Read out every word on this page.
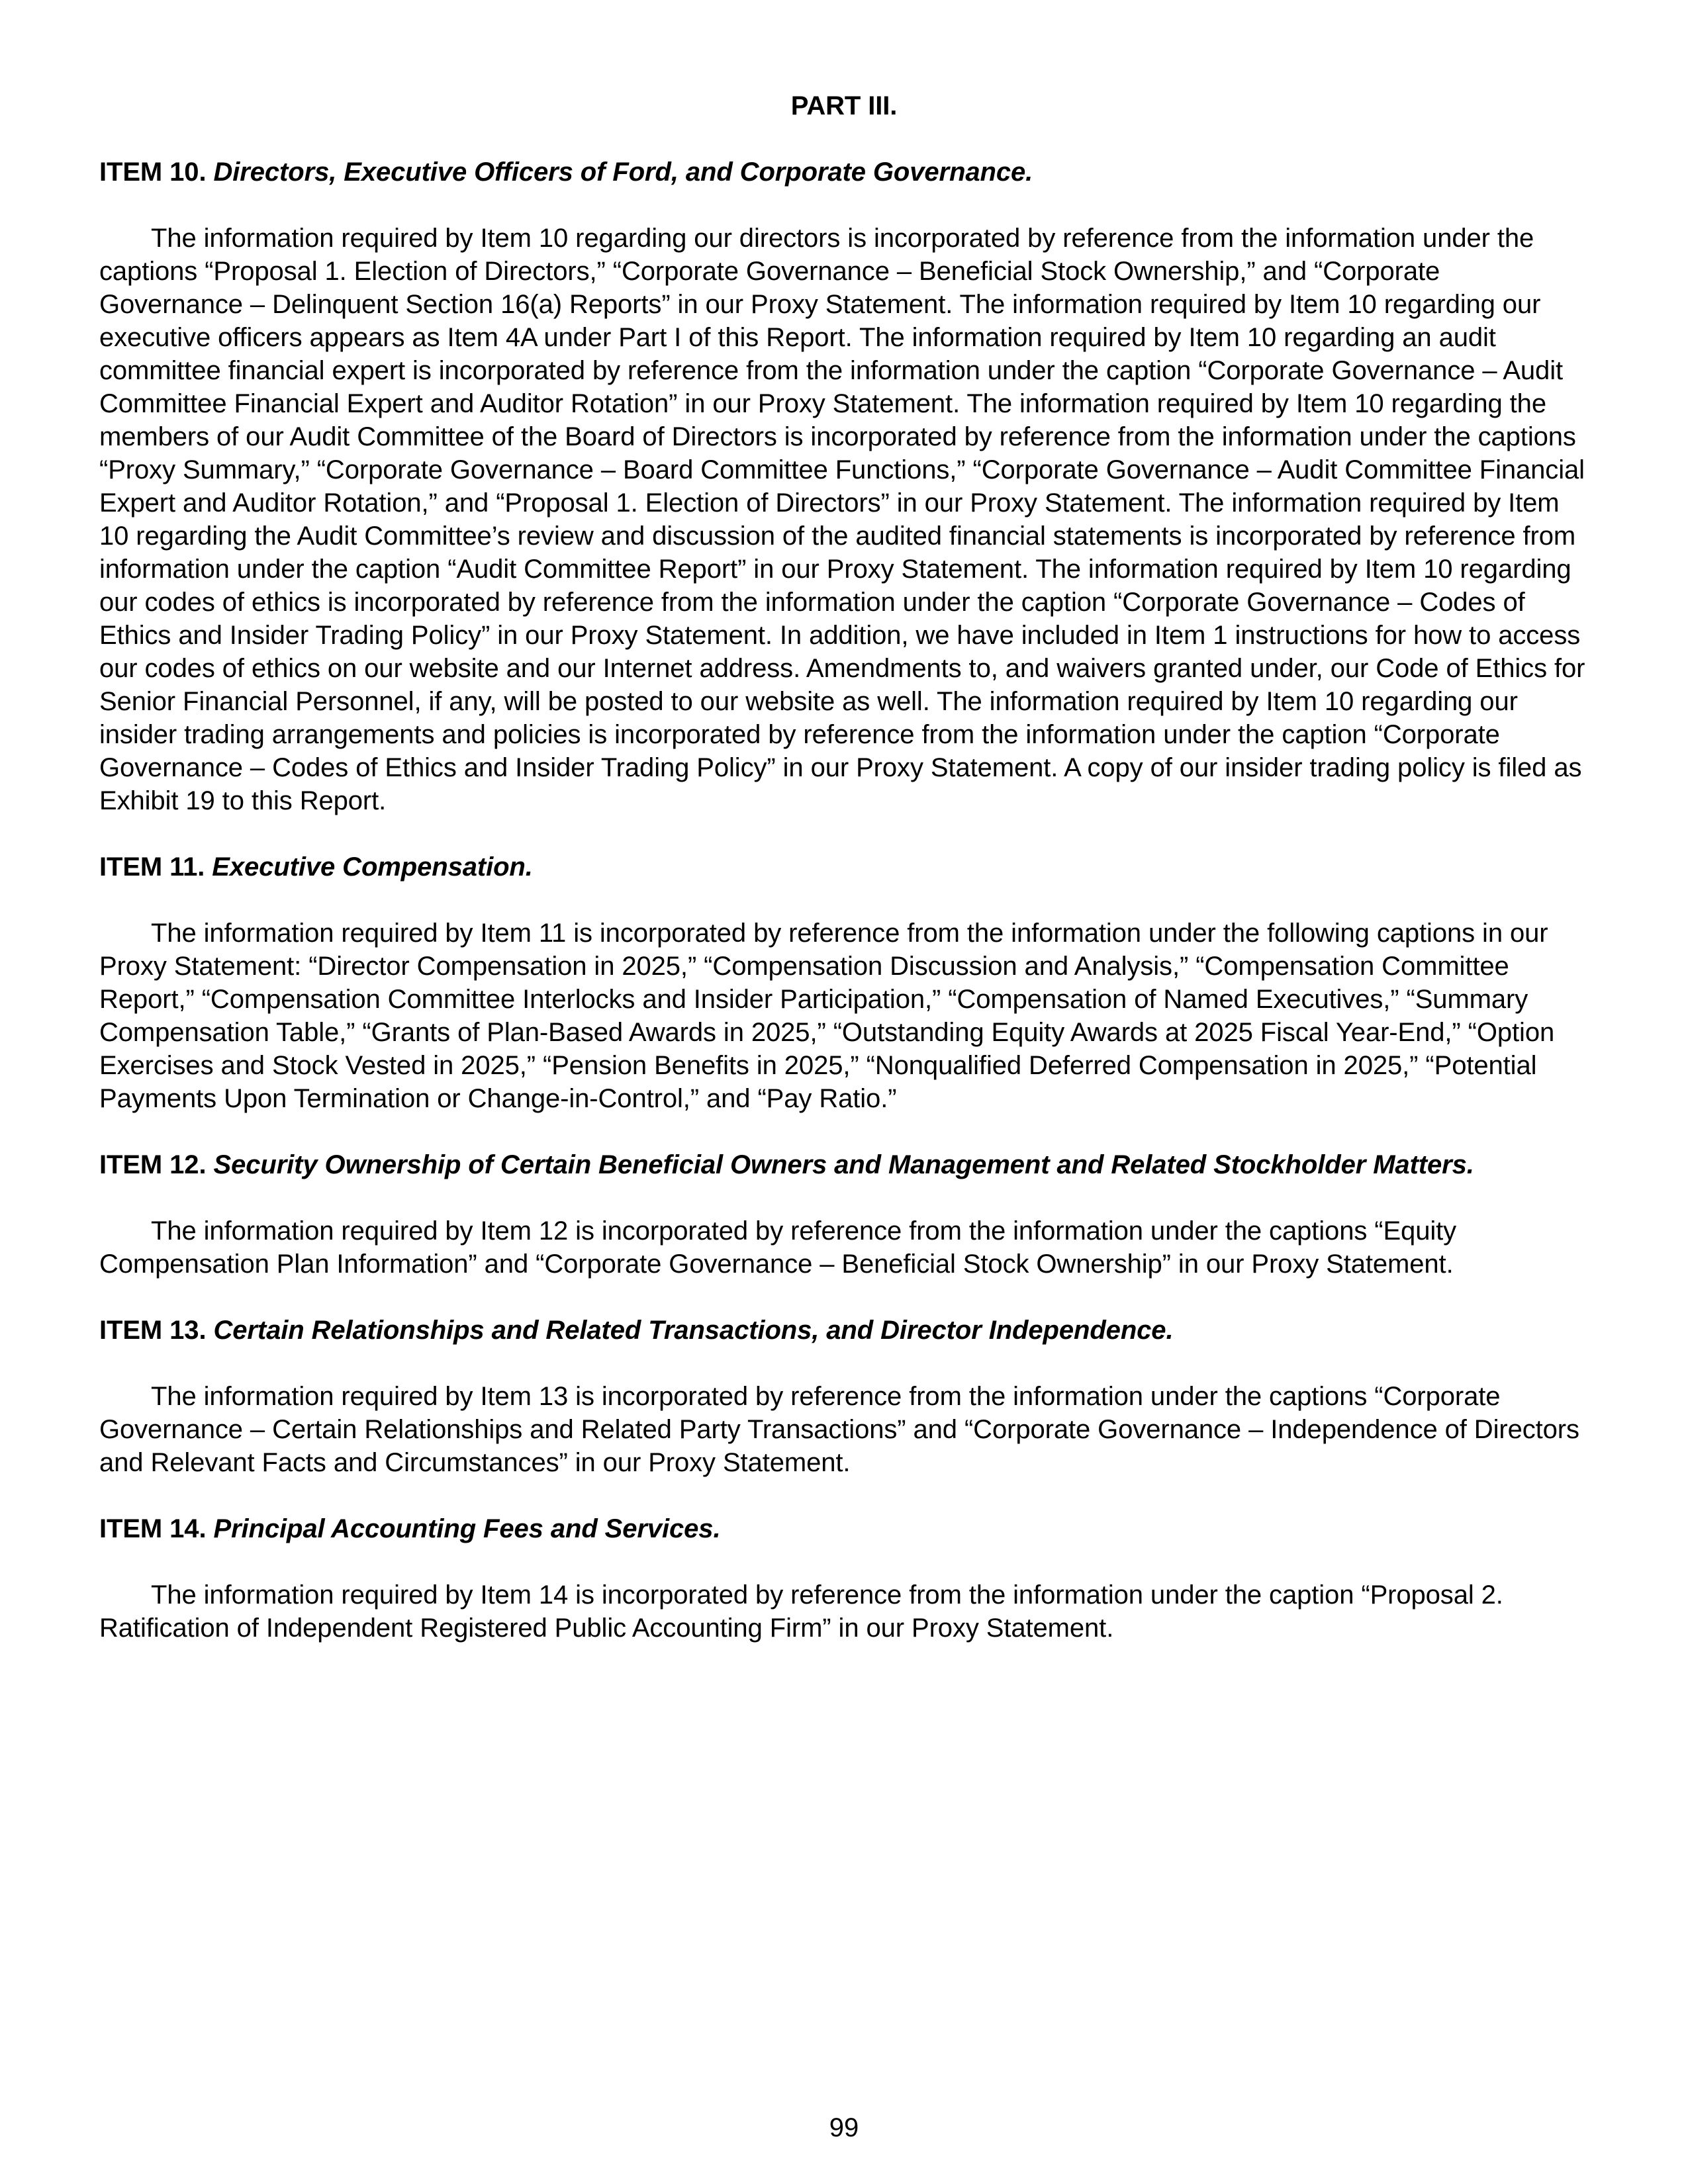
PART III.
ITEM 10. Directors, Executive Officers of Ford, and Corporate Governance.

The information required by Item 10 regarding our directors is incorporated by reference from the information under the captions “Proposal 1. Election of Directors,” “Corporate Governance – Beneficial Stock Ownership,” and “Corporate Governance – Delinquent Section 16(a) Reports” in our Proxy Statement. The information required by Item 10 regarding our executive officers appears as Item 4A under Part I of this Report. The information required by Item 10 regarding an audit committee financial expert is incorporated by reference from the information under the caption “Corporate Governance – Audit Committee Financial Expert and Auditor Rotation” in our Proxy Statement. The information required by Item 10 regarding the members of our Audit Committee of the Board of Directors is incorporated by reference from the information under the captions “Proxy Summary,” “Corporate Governance – Board Committee Functions,” “Corporate Governance – Audit Committee Financial Expert and Auditor Rotation,” and “Proposal 1. Election of Directors” in our Proxy Statement. The information required by Item 10 regarding the Audit Committee’s review and discussion of the audited financial statements is incorporated by reference from information under the caption “Audit Committee Report” in our Proxy Statement. The information required by Item 10 regarding our codes of ethics is incorporated by reference from the information under the caption “Corporate Governance – Codes of Ethics and Insider Trading Policy” in our Proxy Statement. In addition, we have included in Item 1 instructions for how to access our codes of ethics on our website and our Internet address. Amendments to, and waivers granted under, our Code of Ethics for Senior Financial Personnel, if any, will be posted to our website as well. The information required by Item 10 regarding our insider trading arrangements and policies is incorporated by reference from the information under the caption “Corporate Governance – Codes of Ethics and Insider Trading Policy” in our Proxy Statement. A copy of our insider trading policy is filed as Exhibit 19 to this Report.

ITEM 11. Executive Compensation.

The information required by Item 11 is incorporated by reference from the information under the following captions in our Proxy Statement: “Director Compensation in 2025,” “Compensation Discussion and Analysis,” “Compensation Committee Report,” “Compensation Committee Interlocks and Insider Participation,” “Compensation of Named Executives,” “Summary Compensation Table,” “Grants of Plan-Based Awards in 2025,” “Outstanding Equity Awards at 2025 Fiscal Year-End,” “Option Exercises and Stock Vested in 2025,” “Pension Benefits in 2025,” “Nonqualified Deferred Compensation in 2025,” “Potential Payments Upon Termination or Change-in-Control,” and “Pay Ratio.”

ITEM 12. Security Ownership of Certain Beneficial Owners and Management and Related Stockholder Matters.

The information required by Item 12 is incorporated by reference from the information under the captions “Equity Compensation Plan Information” and “Corporate Governance – Beneficial Stock Ownership” in our Proxy Statement.

ITEM 13. Certain Relationships and Related Transactions, and Director Independence.

The information required by Item 13 is incorporated by reference from the information under the captions “Corporate Governance – Certain Relationships and Related Party Transactions” and “Corporate Governance – Independence of Directors and Relevant Facts and Circumstances” in our Proxy Statement.

ITEM 14. Principal Accounting Fees and Services.

The information required by Item 14 is incorporated by reference from the information under the caption “Proposal 2. Ratification of Independent Registered Public Accounting Firm” in our Proxy Statement.

99
